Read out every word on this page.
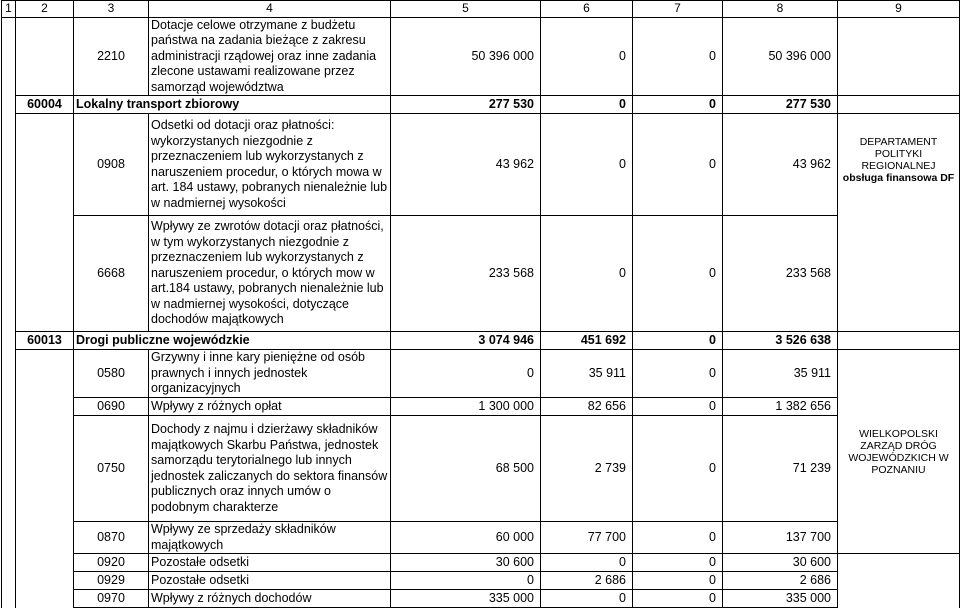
1	2	3	4	5	6	7	8	9
		2210	Dotacje celowe otrzymane z budżetu państwa na zadania bieżące z zakresu administracji rządowej oraz inne zadania zlecone ustawami realizowane przez samorząd województwa	50 396 000	0	0	50 396 000	
	60004	Lokalny transport zbiorowy		277 530	0	0	277 530	
		0908	Odsetki od dotacji oraz płatności: wykorzystanych niezgodnie z przeznaczeniem lub wykorzystanych z naruszeniem procedur, o których mowa w art. 184 ustawy, pobranych nienależnie lub w nadmiernej wysokości	43 962	0	0	43 962	DEPARTAMENT POLITYKI REGIONALNEJ
obsługa finansowa DF

		6668	Wpływy ze zwrotów dotacji oraz płatności, w tym wykorzystanych niezgodnie z przeznaczeniem lub wykorzystanych z naruszeniem procedur, o których mow w art.184 ustawy, pobranych nienależnie lub w nadmiernej wysokości, dotyczące dochodów majątkowych	233 568	0	0	233 568	
	60013	Drogi publiczne wojewódzkie		3 074 946	451 692	0	3 526 638	
		0580	Grzywny i inne kary pieniężne od osób prawnych i innych jednostek organizacyjnych	0	35 911	0	35 911	WIELKOPOLSKI ZARZĄD DRÓG WOJEWÓDZKICH W POZNANIU

		0690	Wpływy z różnych opłat	1 300 000	82 656	0	1 382 656	
		0750	Dochody z najmu i dzierżawy składników majątkowych Skarbu Państwa, jednostek samorządu terytorialnego lub innych jednostek zaliczanych do sektora finansów publicznych oraz innych umów o podobnym charakterze	68 500	2 739	0	71 239	
		0870	Wpływy ze sprzedaży składników majątkowych	60 000	77 700	0	137 700	
		0920	Pozostałe odsetki	30 600	0	0	30 600	
		0929	Pozostałe odsetki	0	2 686	0	2 686	
		0970	Wpływy z różnych dochodów	335 000	0	0	335 000	
